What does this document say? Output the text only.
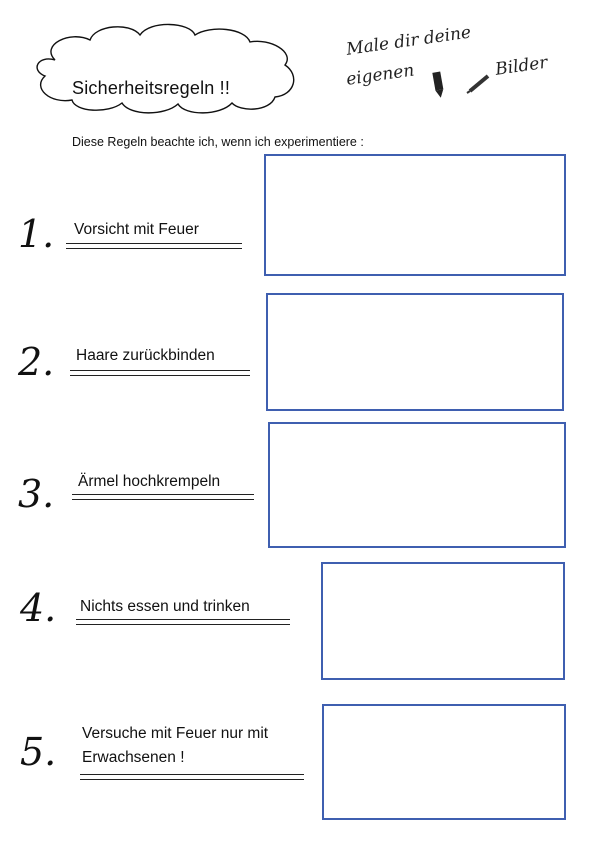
Sicherheitsregeln !!
Male dir deine
eigenen	Bilder
Diese Regeln beachte ich, wenn ich experimentiere :
1. Vorsicht mit Feuer
2. Haare zurückbinden
3. Ärmel hochkrempeln
4. Nichts essen und trinken
5. Versuche mit Feuer nur mit
Erwachsenen !
